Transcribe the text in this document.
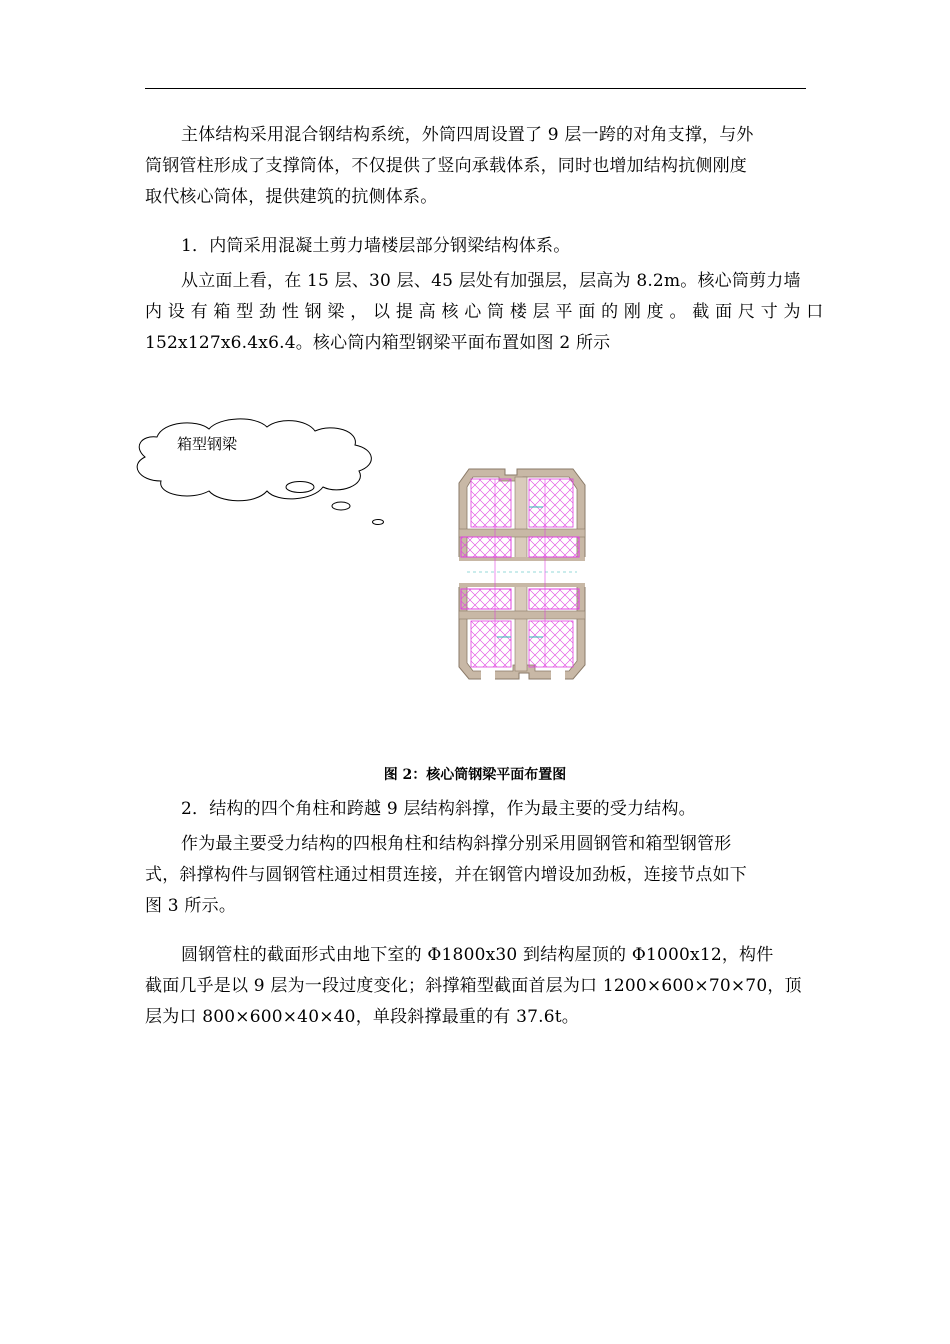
主体结构采用混合钢结构系统，外筒四周设置了 9 层一跨的对角支撑，与外
筒钢管柱形成了支撑筒体，不仅提供了竖向承载体系，同时也增加结构抗侧刚度
取代核心筒体，提供建筑的抗侧体系。

1．内筒采用混凝土剪力墙楼层部分钢梁结构体系。

从立面上看，在 15 层、30 层、45 层处有加强层，层高为 8.2m。核心筒剪力墙
内 设 有 箱 型 劲 性 钢 梁 ， 以 提 高 核 心 筒 楼 层 平 面 的 刚 度 。 截 面 尺 寸 为 口
152x127x6.4x6.4。核心筒内箱型钢梁平面布置如图 2 所示

箱型钢梁
图 2：核心筒钢梁平面布置图

2．结构的四个角柱和跨越 9 层结构斜撑，作为最主要的受力结构。

作为最主要受力结构的四根角柱和结构斜撑分别采用圆钢管和箱型钢管形
式，斜撑构件与圆钢管柱通过相贯连接，并在钢管内增设加劲板，连接节点如下
图 3 所示。

圆钢管柱的截面形式由地下室的 Φ1800x30 到结构屋顶的 Φ1000x12，构件
截面几乎是以 9 层为一段过度变化；斜撑箱型截面首层为口 1200×600×70×70，顶
层为口 800×600×40×40，单段斜撑最重的有 37.6t。
